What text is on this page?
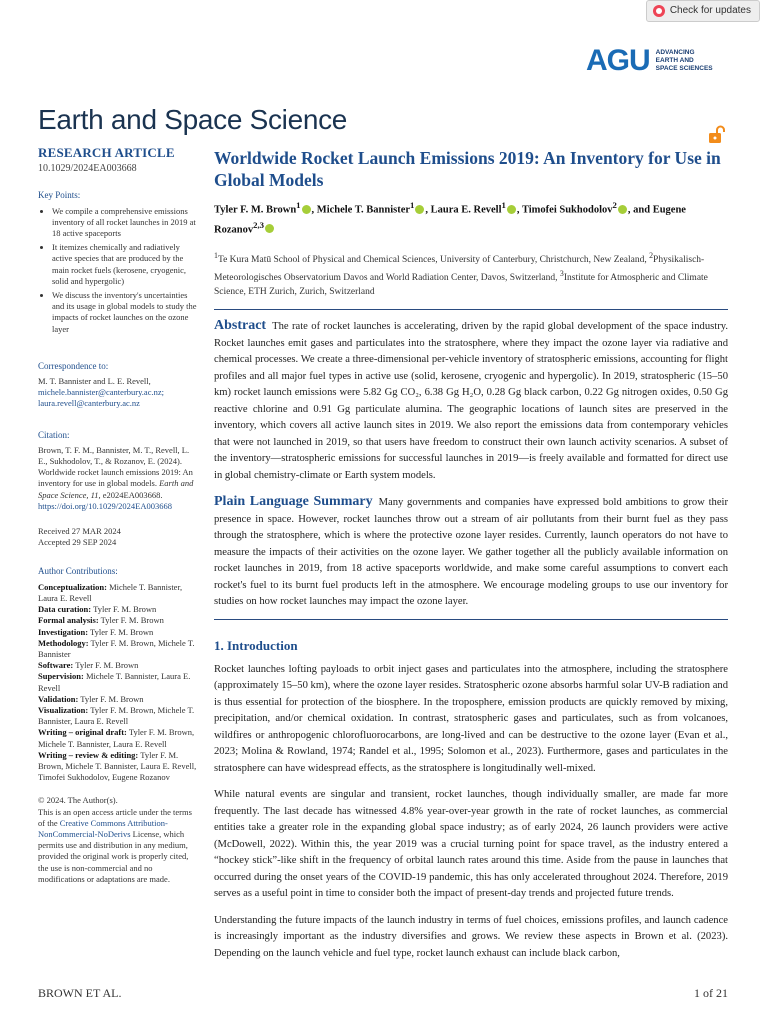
Check for updates
AGU ADVANCING
EARTH AND
SPACE SCIENCES
Earth and Space Science
RESEARCH ARTICLE
10.1029/2024EA003668
Key Points:
• We compile a comprehensive emissions inventory of all rocket launches in 2019 at 18 active spaceports
• It itemizes chemically and radiatively active species that are produced by the main rocket fuels (kerosene, cryogenic, solid and hypergolic)
• We discuss the inventory's uncertainties and its usage in global models to study the impacts of rocket launches on the ozone layer
Correspondence to:
M. T. Bannister and L. E. Revell,
michele.bannister@canterbury.ac.nz;
laura.revell@canterbury.ac.nz
Citation:
Brown, T. F. M., Bannister, M. T., Revell, L. E., Sukhodolov, T., & Rozanov, E. (2024). Worldwide rocket launch emissions 2019: An inventory for use in global models. Earth and Space Science, 11, e2024EA003668. https://doi.org/10.1029/2024EA003668
Received 27 MAR 2024
Accepted 29 SEP 2024
Author Contributions:
Conceptualization: Michele T. Bannister, Laura E. Revell
Data curation: Tyler F. M. Brown
Formal analysis: Tyler F. M. Brown
Investigation: Tyler F. M. Brown
Methodology: Tyler F. M. Brown, Michele T. Bannister
Software: Tyler F. M. Brown
Supervision: Michele T. Bannister, Laura E. Revell
Validation: Tyler F. M. Brown
Visualization: Tyler F. M. Brown, Michele T. Bannister, Laura E. Revell
Writing – original draft: Tyler F. M. Brown, Michele T. Bannister, Laura E. Revell
Writing – review & editing: Tyler F. M. Brown, Michele T. Bannister, Laura E. Revell, Timofei Sukhodolov, Eugene Rozanov
© 2024. The Author(s).
This is an open access article under the terms of the Creative Commons Attribution-NonCommercial-NoDerivs License, which permits use and distribution in any medium, provided the original work is properly cited, the use is non-commercial and no modifications or adaptations are made.
Worldwide Rocket Launch Emissions 2019: An Inventory for Use in Global Models
Tyler F. M. Brown$^1$ , Michele T. Bannister$^1$ , Laura E. Revell$^1$ , Timofei Sukhodolov$^2$ , and Eugene Rozanov$^{2,3}$
$^1$Te Kura Matū School of Physical and Chemical Sciences, University of Canterbury, Christchurch, New Zealand, $^2$Physikalisch-Meteorologisches Observatorium Davos and World Radiation Center, Davos, Switzerland, $^3$Institute for Atmospheric and Climate Science, ETH Zurich, Zurich, Switzerland
Abstract The rate of rocket launches is accelerating, driven by the rapid global development of the space industry. Rocket launches emit gases and particulates into the stratosphere, where they impact the ozone layer via radiative and chemical processes. We create a three-dimensional per-vehicle inventory of stratospheric emissions, accounting for flight profiles and all major fuel types in active use (solid, kerosene, cryogenic and hypergolic). In 2019, stratospheric (15–50 km) rocket launch emissions were 5.82 Gg CO₂, 6.38 Gg H₂O, 0.28 Gg black carbon, 0.22 Gg nitrogen oxides, 0.50 Gg reactive chlorine and 0.91 Gg particulate alumina. The geographic locations of launch sites are preserved in the inventory, which covers all active launch sites in 2019. We also report the emissions data from contemporary vehicles that were not launched in 2019, so that users have freedom to construct their own launch activity scenarios. A subset of the inventory—stratospheric emissions for successful launches in 2019—is freely available and formatted for direct use in global chemistry-climate or Earth system models.
Plain Language Summary Many governments and companies have expressed bold ambitions to grow their presence in space. However, rocket launches throw out a stream of air pollutants from their burnt fuel as they pass through the stratosphere, which is where the protective ozone layer resides. Currently, launch operators do not have to measure the impacts of their activities on the ozone layer. We gather together all the publicly available information on rocket launches in 2019, from 18 active spaceports worldwide, and make some careful assumptions to convert each rocket's fuel to its burnt fuel products left in the atmosphere. We encourage modeling groups to use our inventory for studies on how rocket launches may impact the ozone layer.
1. Introduction
Rocket launches lofting payloads to orbit inject gases and particulates into the atmosphere, including the stratosphere (approximately 15–50 km), where the ozone layer resides. Stratospheric ozone absorbs harmful solar UV-B radiation and is thus essential for protection of the biosphere. In the troposphere, emission products are quickly removed by mixing, precipitation, and/or chemical oxidation. In contrast, stratospheric gases and particulates, such as from volcanoes, wildfires or anthropogenic chlorofluorocarbons, are long-lived and can be destructive to the ozone layer (Evan et al., 2023; Molina & Rowland, 1974; Randel et al., 1995; Solomon et al., 2023). Furthermore, gases and particulates in the stratosphere can have widespread effects, as the stratosphere is longitudinally well-mixed.
While natural events are singular and transient, rocket launches, though individually smaller, are made far more frequently. The last decade has witnessed 4.8% year-over-year growth in the rate of rocket launches, as commercial entities take a greater role in the expanding global space industry; as of early 2024, 26 launch providers were active (McDowell, 2022). Within this, the year 2019 was a crucial turning point for space travel, as the industry entered a “hockey stick”-like shift in the frequency of orbital launch rates around this time. Aside from the pause in launches that occurred during the onset years of the COVID-19 pandemic, this has only accelerated throughout 2024. Therefore, 2019 serves as a useful point in time to consider both the impact of present-day trends and projected future trends.
Understanding the future impacts of the launch industry in terms of fuel choices, emissions profiles, and launch cadence is increasingly important as the industry diversifies and grows. We review these aspects in Brown et al. (2023). Depending on the launch vehicle and fuel type, rocket launch exhaust can include black carbon,
BROWN ET AL.	1 of 21
